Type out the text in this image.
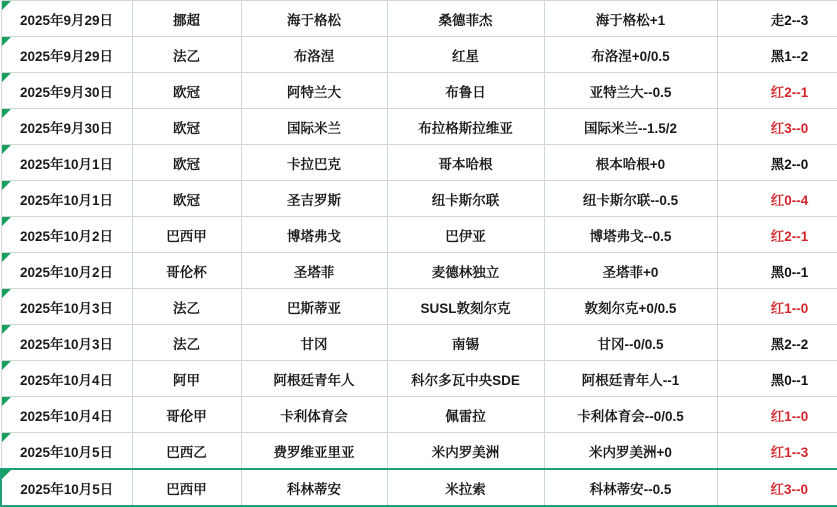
2025年9月29日	挪超	海于格松	桑德菲杰	海于格松+1	走2--3

2025年9月29日	法乙	布洛涅	红星	布洛涅+0/0.5	黑1--2

2025年9月30日	欧冠	阿特兰大	布鲁日	亚特兰大--0.5	红2--1

2025年9月30日	欧冠	国际米兰	布拉格斯拉维亚	国际米兰--1.5/2	红3--0

2025年10月1日	欧冠	卡拉巴克	哥本哈根	根本哈根+0	黑2--0

2025年10月1日	欧冠	圣吉罗斯	纽卡斯尔联	纽卡斯尔联--0.5	红0--4

2025年10月2日	巴西甲	博塔弗戈	巴伊亚	博塔弗戈--0.5	红2--1

2025年10月2日	哥伦杯	圣塔菲	麦德林独立	圣塔菲+0	黑0--1

2025年10月3日	法乙	巴斯蒂亚	SUSL敦刻尔克	敦刻尔克+0/0.5	红1--0

2025年10月3日	法乙	甘冈	南锡	甘冈--0/0.5	黑2--2

2025年10月4日	阿甲	阿根廷青年人	科尔多瓦中央SDE	阿根廷青年人--1	黑0--1

2025年10月4日	哥伦甲	卡利体育会	佩雷拉	卡利体育会--0/0.5	红1--0

2025年10月5日	巴西乙	费罗维亚里亚	米内罗美洲	米内罗美洲+0	红1--3

2025年10月5日	巴西甲	科林蒂安	米拉索	科林蒂安--0.5	红3--0
